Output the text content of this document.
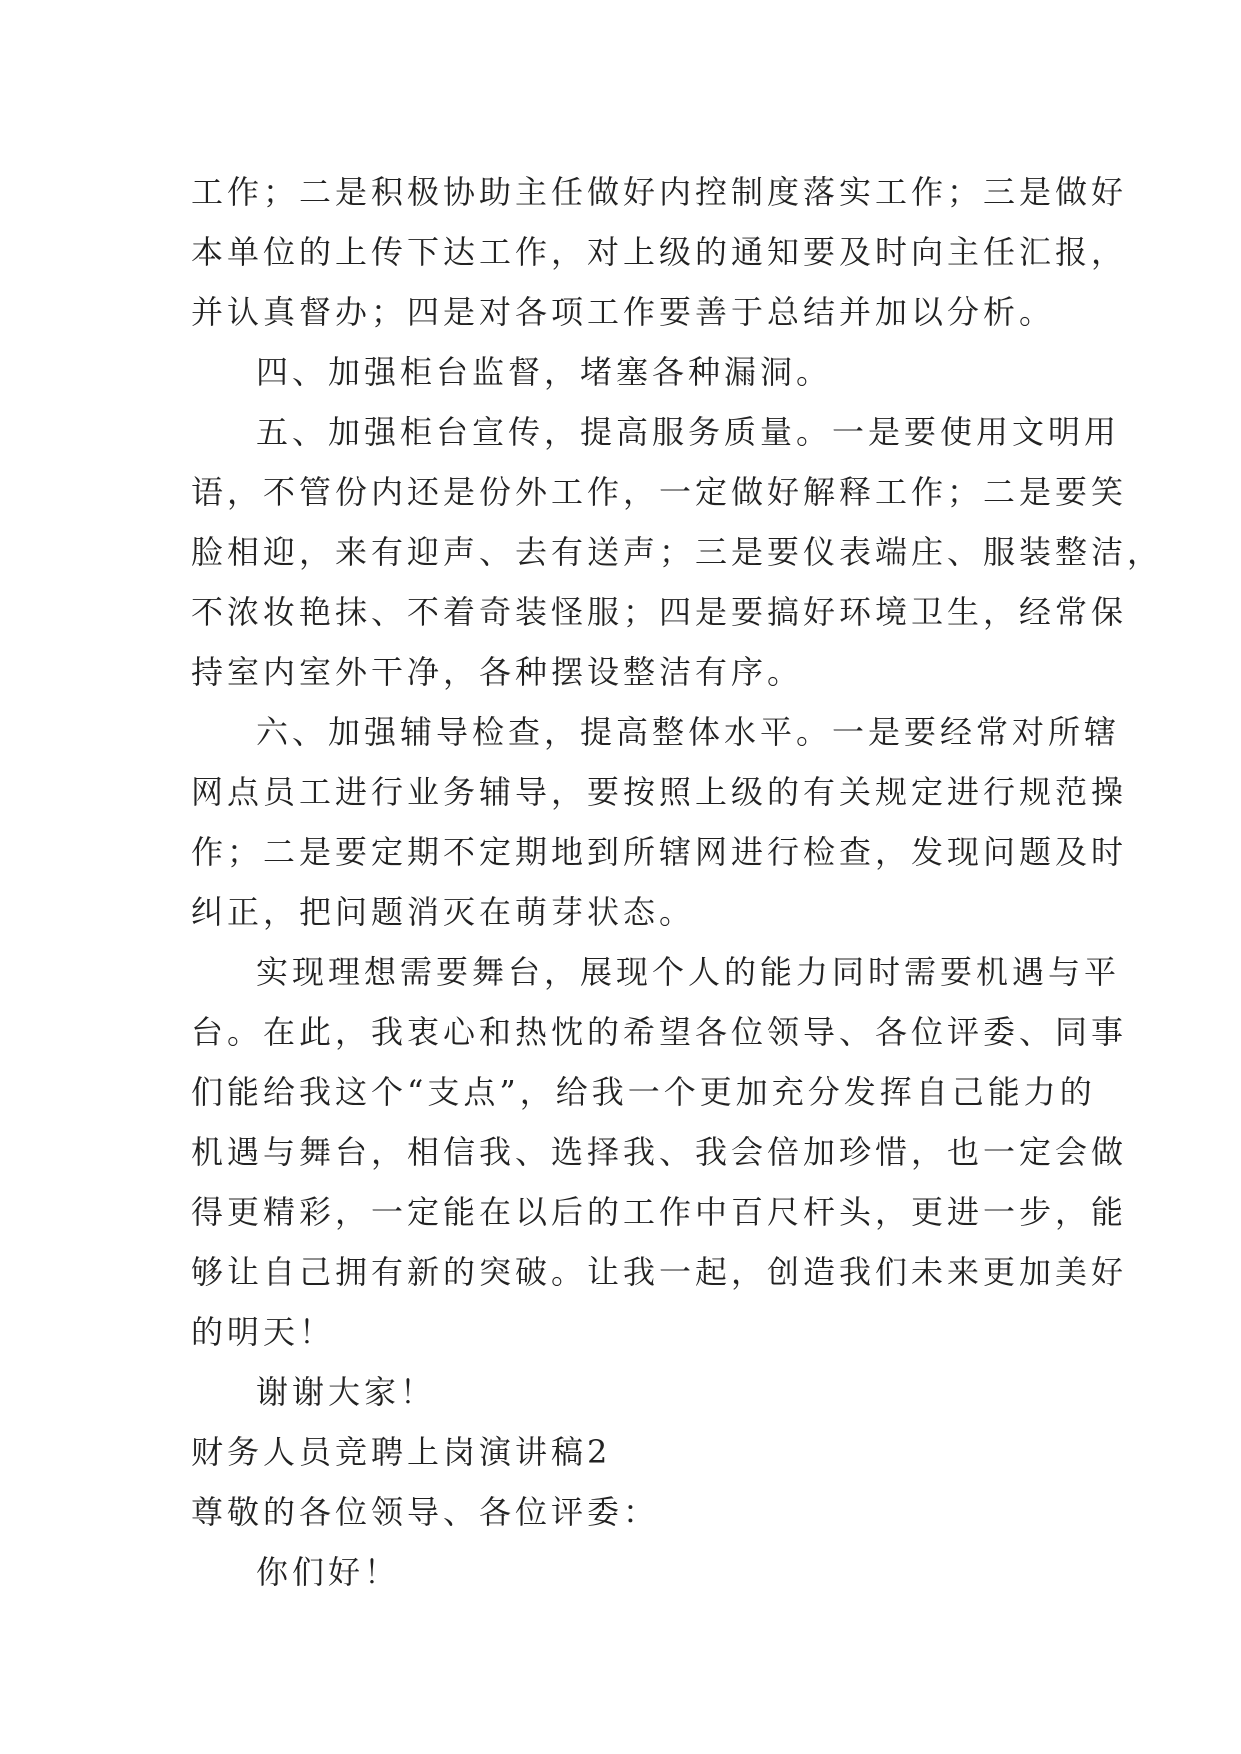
工作；二是积极协助主任做好内控制度落实工作；三是做好
本单位的上传下达工作，对上级的通知要及时向主任汇报，
并认真督办；四是对各项工作要善于总结并加以分析。
四、加强柜台监督，堵塞各种漏洞。
五、加强柜台宣传，提高服务质量。一是要使用文明用
语，不管份内还是份外工作，一定做好解释工作；二是要笑
脸相迎，来有迎声、去有送声；三是要仪表端庄、服装整洁，
不浓妆艳抹、不着奇装怪服；四是要搞好环境卫生，经常保
持室内室外干净，各种摆设整洁有序。
六、加强辅导检查，提高整体水平。一是要经常对所辖
网点员工进行业务辅导，要按照上级的有关规定进行规范操
作；二是要定期不定期地到所辖网进行检查，发现问题及时
纠正，把问题消灭在萌芽状态。
实现理想需要舞台，展现个人的能力同时需要机遇与平
台。在此，我衷心和热忱的希望各位领导、各位评委、同事
们能给我这个“支点”，给我一个更加充分发挥自己能力的
机遇与舞台，相信我、选择我、我会倍加珍惜，也一定会做
得更精彩，一定能在以后的工作中百尺杆头，更进一步，能
够让自己拥有新的突破。让我一起，创造我们未来更加美好
的明天！
谢谢大家！
财务人员竞聘上岗演讲稿2
尊敬的各位领导、各位评委：
你们好！
